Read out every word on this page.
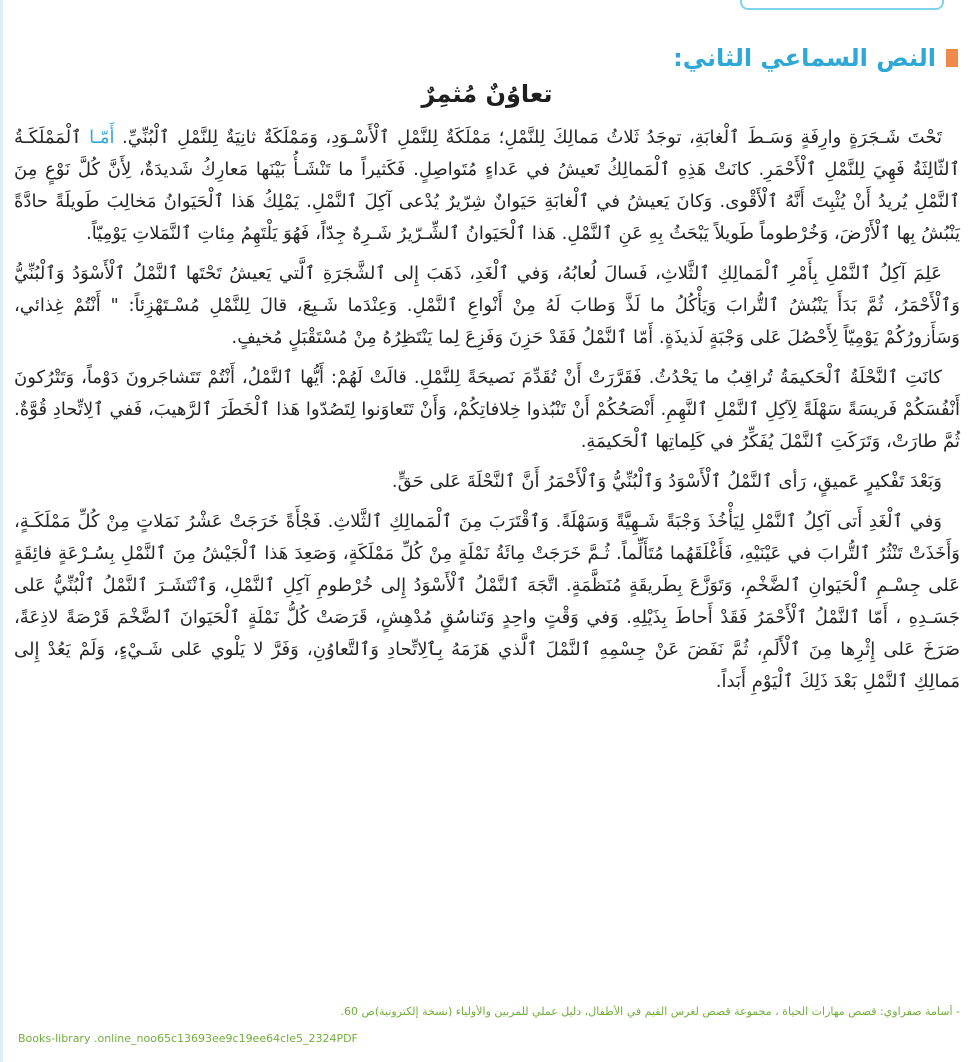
النص السماعي الثاني:
تعاوُنٌ مُثمِرٌ

تَحْتَ شَـجَرَةٍ وارِفَةٍ وَسَـطَ ٱلْغابَةِ، توجَدُ ثَلاثُ مَمالِكَ لِلنَّمْلِ؛ مَمْلَكَةٌ لِلنَّمْلِ ٱلْأَسْـوَدِ، وَمَمْلَكَةٌ ثانِيَةٌ لِلنَّمْلِ ٱلْبُنِّيِّ. أَمّـا ٱلْمَمْلَكَـةُ ٱلثّالِثَةُ فَهِيَ لِلنَّمْلِ ٱلْأَحْمَرِ. كانَتْ هَذِهِ ٱلْمَمالِكُ تَعيشُ في عَداءٍ مُتَواصِلٍ. فَكَثيراً ما تَنْشَـأُ بَيْنَها مَعارِكُ شَديدَةٌ، لِأَنَّ كُلَّ نَوْعٍ مِنَ ٱلنَّمْلِ يُريدُ أَنْ يُثْبِتَ أَنَّهُ ٱلْأَقْوى. وَكانَ يَعيشُ في ٱلْغابَةِ حَيَوانٌ شِرّيرٌ يُدْعى آكِلَ ٱلنَّمْلِ. يَمْلِكُ هَذا ٱلْحَيَوانُ مَخالِبَ طَويلَةً حادَّةً يَنْبُشُ بِها ٱلْأَرْضَ، وَخُرْطوماً طَويلاً يَبْحَثُ بِهِ عَنِ ٱلنَّمْلِ. هَذا ٱلْحَيَوانُ ٱلشِّـرّيرُ شَـرِهٌ جِدّاً، فَهُوَ يَلْتَهِمُ مِئاتِ ٱلنَّمَلاتِ يَوْمِيّاً.

عَلِمَ آكِلُ ٱلنَّمْلِ بِأَمْرِ ٱلْمَمالِكِ ٱلثَّلاثِ، فَسالَ لُعابُهُ، وَفي ٱلْغَدِ، ذَهَبَ إِلى ٱلشَّجَرَةِ ٱلَّتي يَعيشُ تَحْتَها ٱلنَّمْلُ ٱلْأَسْوَدُ وَٱلْبُنِّيُّ وَٱلْأَحْمَرُ، ثُمَّ بَدَأَ يَنْبُشُ ٱلتُّرابَ وَيَأْكُلُ ما لَذَّ وَطابَ لَهُ مِنْ أَنْواعِ ٱلنَّمْلِ. وَعِنْدَما شَـبِعَ، قالَ لِلنَّمْلِ مُسْـتَهْزِئاً: " أَنْتُمْ غِذائي، وَسَأَزورُكُمْ يَوْمِيّاً لِأَحْصُلَ عَلى وَجْبَةٍ لَذيذَةٍ. أَمّا ٱلنَّمْلُ فَقَدْ حَزِنَ وَفَزِعَ لِما يَنْتَظِرُهُ مِنْ مُسْتَقْبَلٍ مُخيفٍ.

كانَتِ ٱلنَّحْلَةُ ٱلْحَكيمَةُ تُراقِبُ ما يَحْدُثُ. فَقَرَّرَتْ أَنْ تُقَدِّمَ نَصيحَةً لِلنَّمْلِ. قالَتْ لَهُمْ: أَيُّها ٱلنَّمْلُ، أَنْتُمْ تَتَشاجَرونَ دَوْماً، وَتَتْرُكونَ أَنْفُسَكُمْ فَريسَةً سَهْلَةً لِآكِلِ ٱلنَّمْلِ ٱلنَّهِمِ. أَنْصَحُكُمْ أَنْ تَنْبُذوا خِلافاتِكُمْ، وَأَنْ تَتَعاوَنوا لِتَصُدّوا هَذا ٱلْخَطَرَ ٱلرَّهيبَ، فَفي ٱلِاتِّحادِ قُوَّةٌ. ثُمَّ طارَتْ، وَتَرَكَتِ ٱلنَّمْلَ يُفَكِّرُ في كَلِماتِها ٱلْحَكيمَةِ.

وَبَعْدَ تَفْكيرٍ عَميقٍ، رَأى ٱلنَّمْلُ ٱلْأَسْوَدُ وَٱلْبُنِّيُّ وَٱلْأَحْمَرُ أَنَّ ٱلنَّحْلَةَ عَلى حَقٍّ.

وَفي ٱلْغَدِ أَتى آكِلُ ٱلنَّمْلِ لِيَأْخُذَ وَجْبَةً شَـهِيَّةً وَسَهْلَةً. وَٱقْتَرَبَ مِنَ ٱلْمَمالِكِ ٱلثَّلاثِ. فَجْأَةً خَرَجَتْ عَشْرُ نَمَلاتٍ مِنْ كُلِّ مَمْلَكَـةٍ، وَأَخَذَتْ تَنْثُرُ ٱلتُّرابَ في عَيْنَيْهِ، فَأَغْلَقَهُما مُتَأَلِّماً. ثُـمَّ خَرَجَتْ مِائَةُ نَمْلَةٍ مِنْ كُلِّ مَمْلَكَةٍ، وَصَعِدَ هَذا ٱلْجَيْشُ مِنَ ٱلنَّمْلِ بِسُـرْعَةٍ فائِقَةٍ عَلى جِسْـمِ ٱلْحَيَوانِ ٱلضَّخْمِ، وَتَوَزَّعَ بِطَريقَةٍ مُنَظَّمَةٍ. اتَّجَهَ ٱلنَّمْلُ ٱلْأَسْوَدُ إِلى خُرْطومِ آكِلِ ٱلنَّمْلِ، وَٱنْتَشَـرَ ٱلنَّمْلُ ٱلْبُنِّيُّ عَلى جَسَـدِهِ ، أَمّا ٱلنَّمْلُ ٱلْأَحْمَرُ فَقَدْ أَحاطَ بِذَيْلِهِ. وَفي وَقْتٍ واحِدٍ وَتَناسُقٍ مُدْهِشٍ، قَرَصَتْ كُلُّ نَمْلَةٍ ٱلْحَيَوانَ ٱلضَّخْمَ قَرْصَةً لاذِعَةً، صَرَخَ عَلى إِثْرِها مِنَ ٱلْأَلَمِ، ثُمَّ نَفَضَ عَنْ جِسْمِهِ ٱلنَّمْلَ ٱلَّذي هَزَمَهُ بِٱلِاتِّحادِ وَٱلتَّعاوُنِ، وَفَرَّ لا يَلْوي عَلى شَـيْءٍ، وَلَمْ يَعُدْ إِلى مَمالِكِ ٱلنَّمْلِ بَعْدَ ذَلِكَ ٱلْيَوْمِ أَبَداً.

- أسامة صفراوي: قصص مهارات الحياة ، مجموعة قصص لغرس القيم في الأطفال، دليل عملي للمربين والأولياء (نسخة إلكترونية)ص 60.
Books-library .online_noo65c13693ee9c19ee64cle5_2324PDF
